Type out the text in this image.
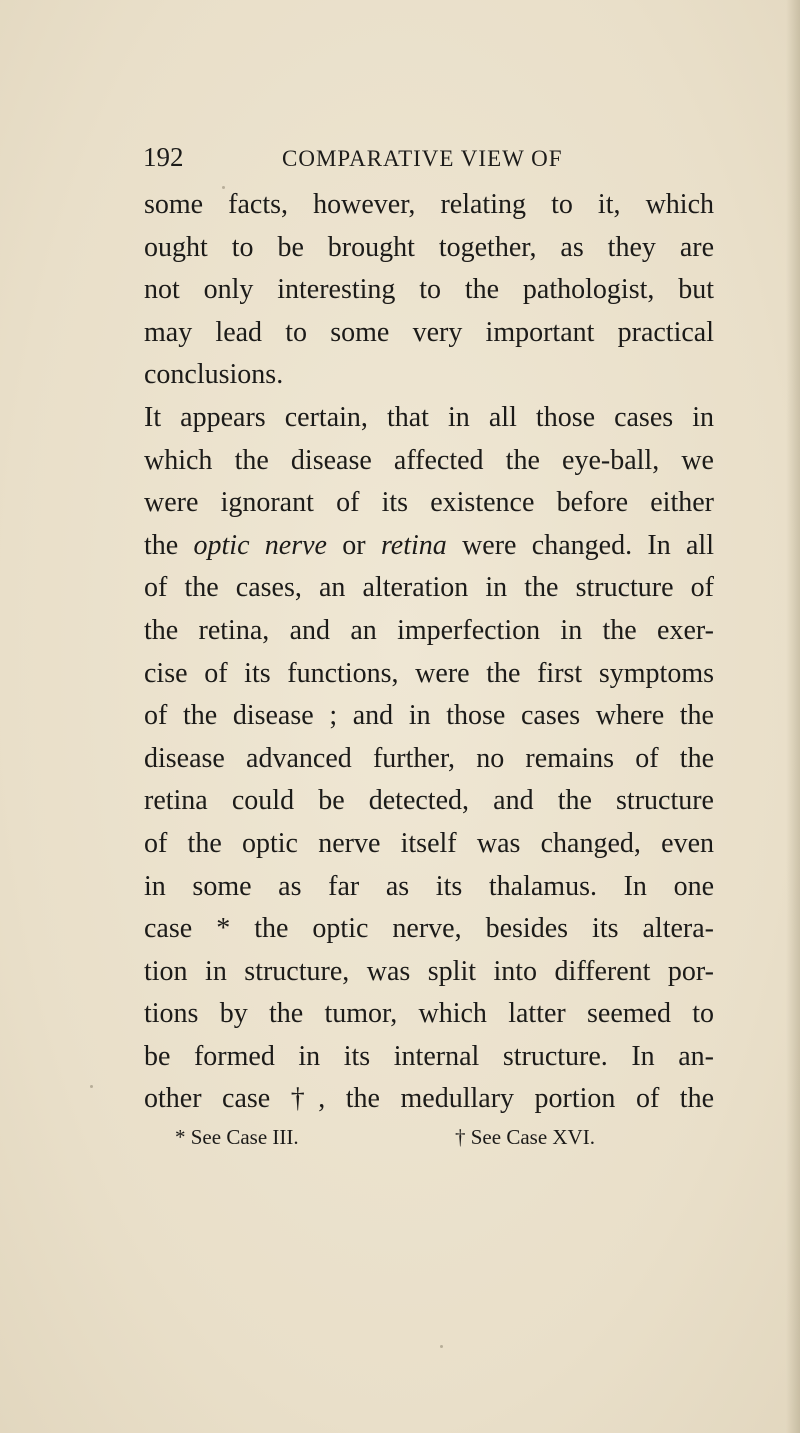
192	COMPARATIVE VIEW OF
some facts, however, relating to it, which
ought to be brought together, as they are
not only interesting to the pathologist, but
may lead to some very important practical
conclusions.
It appears certain, that in all those cases in
which the disease affected the eye-ball, we
were ignorant of its existence before either
the optic nerve or retina were changed. In all
of the cases, an alteration in the structure of
the retina, and an imperfection in the exer-
cise of its functions, were the first symptoms
of the disease ; and in those cases where the
disease advanced further, no remains of the
retina could be detected, and the structure
of the optic nerve itself was changed, even
in some as far as its thalamus. In one
case * the optic nerve, besides its altera-
tion in structure, was split into different por-
tions by the tumor, which latter seemed to
be formed in its internal structure. In an-
other case †, the medullary portion of the
* See Case III.	† See Case XVI.
